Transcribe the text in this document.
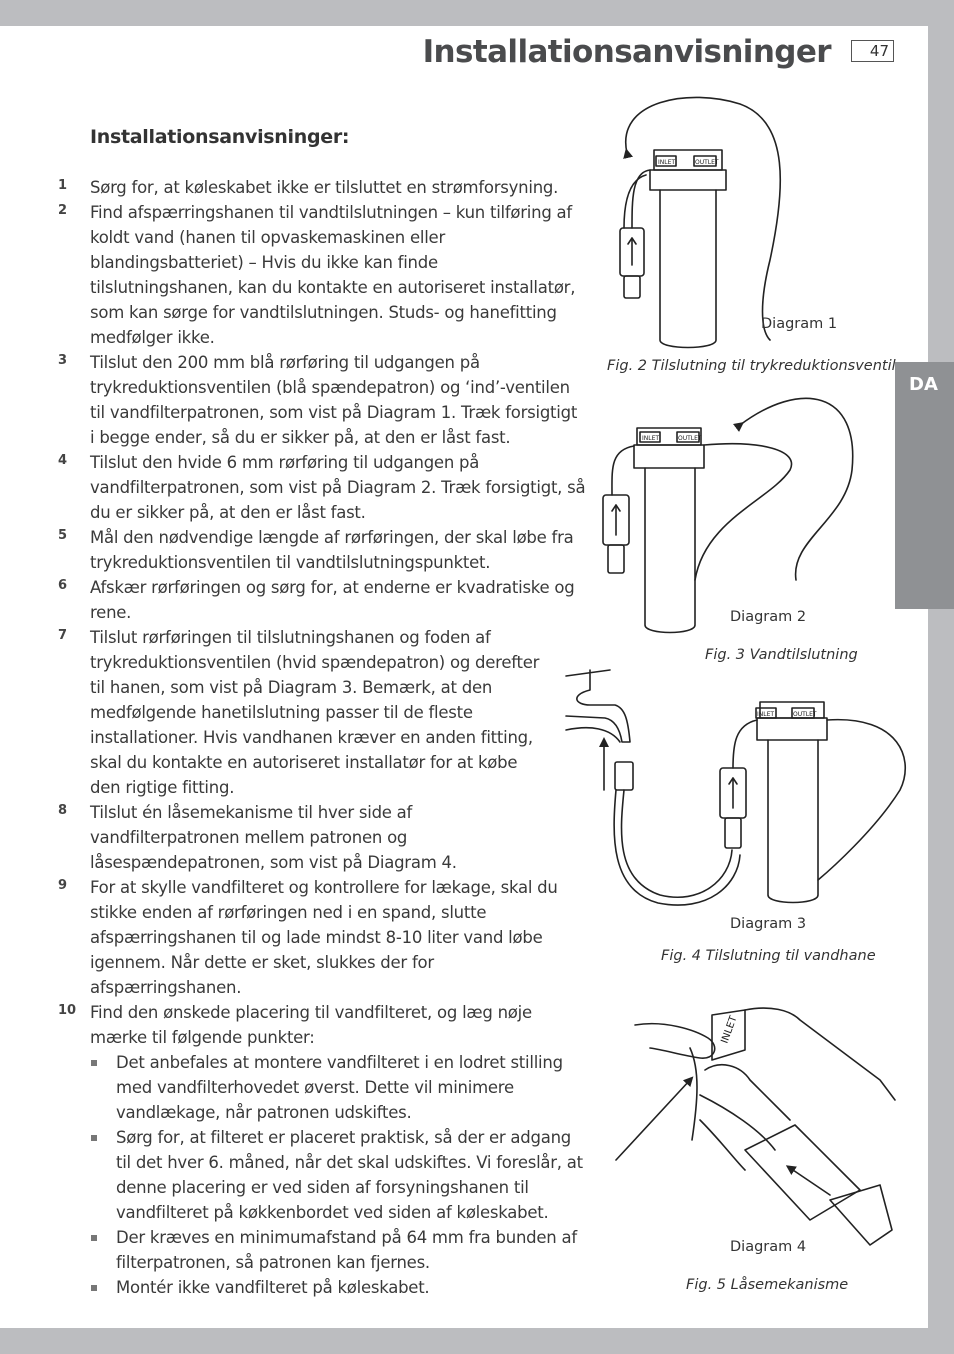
Installationsanvisninger	47
DA
Installationsanvisninger:
1 Sørg for, at køleskabet ikke er tilsluttet en strømforsyning.
2 Find afspærringshanen til vandtilslutningen – kun tilføring af koldt vand (hanen til opvaskemaskinen eller blandingsbatteriet) – Hvis du ikke kan finde tilslutningshanen, kan du kontakte en autoriseret installatør, som kan sørge for vandtilslutningen. Studs- og hanefitting medfølger ikke.
3 Tilslut den 200 mm blå rørføring til udgangen på trykreduktionsventilen (blå spændepatron) og ‘ind’-ventilen til vandfilterpatronen, som vist på Diagram 1. Træk forsigtigt i begge ender, så du er sikker på, at den er låst fast.
4 Tilslut den hvide 6 mm rørføring til udgangen på vandfilterpatronen, som vist på Diagram 2. Træk forsigtigt, så du er sikker på, at den er låst fast.
5 Mål den nødvendige længde af rørføringen, der skal løbe fra trykreduktionsventilen til vandtilslutningspunktet.
6 Afskær rørføringen og sørg for, at enderne er kvadratiske og rene.
7 Tilslut rørføringen til tilslutningshanen og foden af trykreduktionsventilen (hvid spændepatron) og derefter til hanen, som vist på Diagram 3. Bemærk, at den medfølgende hanetilslutning passer til de fleste installationer. Hvis vandhanen kræver en anden fitting, skal du kontakte en autoriseret installatør for at købe den rigtige fitting.
8 Tilslut én låsemekanisme til hver side af vandfilterpatronen mellem patronen og låsespændepatronen, som vist på Diagram 4.
9 For at skylle vandfilteret og kontrollere for lækage, skal du stikke enden af rørføringen ned i en spand, slutte afspærringshanen til og lade mindst 8-10 liter vand løbe igennem. Når dette er sket, slukkes der for afspærringshanen.
10 Find den ønskede placering til vandfilteret, og læg nøje mærke til følgende punkter:
Det anbefales at montere vandfilteret i en lodret stilling med vandfilterhovedet øverst. Dette vil minimere vandlækage, når patronen udskiftes.
Sørg for, at filteret er placeret praktisk, så der er adgang til det hver 6. måned, når det skal udskiftes. Vi foreslår, at denne placering er ved siden af forsyningshanen til vandfilteret på køkkenbordet ved siden af køleskabet.
Der kræves en minimumafstand på 64 mm fra bunden af filterpatronen, så patronen kan fjernes.
Montér ikke vandfilteret på køleskabet.
INLET	OUTLET
INLET	OUTLET
INLET	OUTLET
INLET
Diagram 1
Fig. 2 Tilslutning til trykreduktionsventil
Diagram 2
Fig. 3 Vandtilslutning
Diagram 3
Fig. 4 Tilslutning til vandhane
Diagram 4
Fig. 5 Låsemekanisme
